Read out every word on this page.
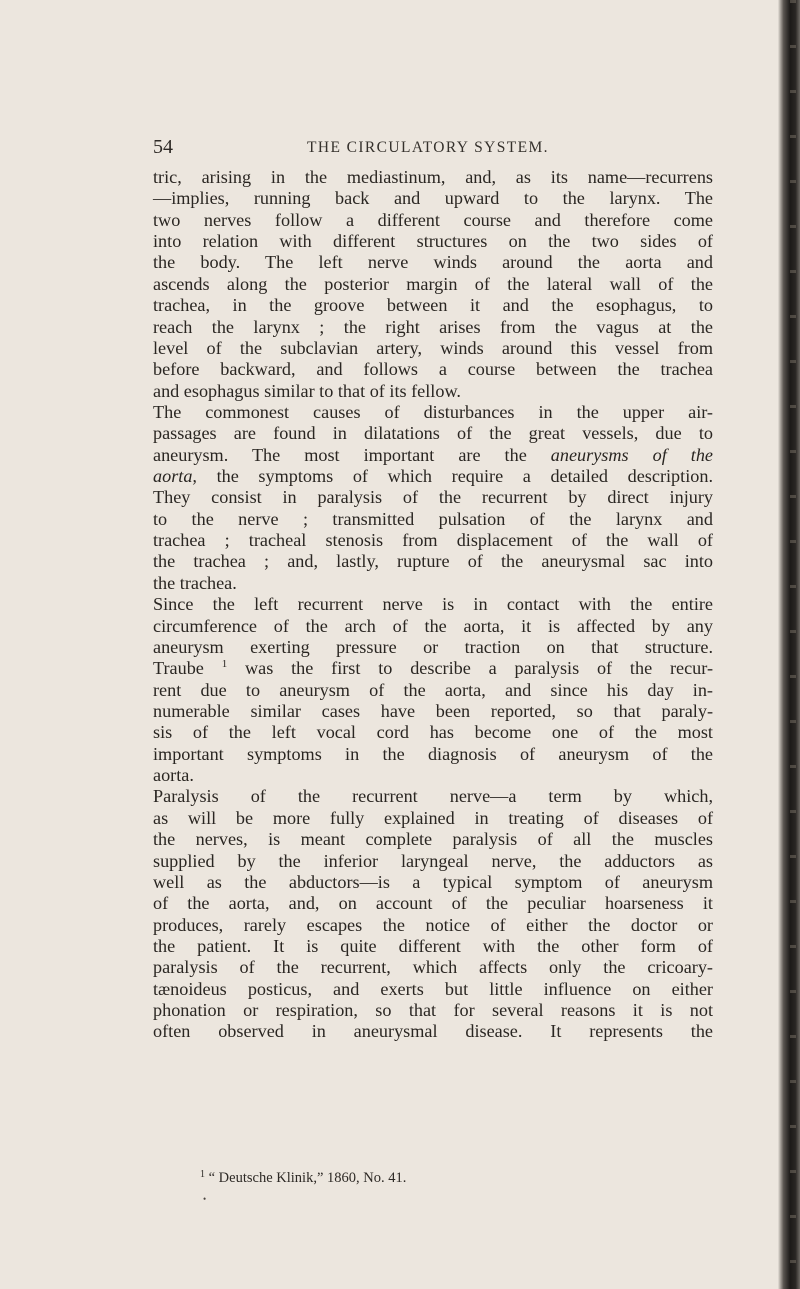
54	THE CIRCULATORY SYSTEM.
tric, arising in the mediastinum, and, as its name—recurrens
—implies, running back and upward to the larynx. The
two nerves follow a different course and therefore come
into relation with different structures on the two sides of
the body. The left nerve winds around the aorta and
ascends along the posterior margin of the lateral wall of the
trachea, in the groove between it and the esophagus, to
reach the larynx ; the right arises from the vagus at the
level of the subclavian artery, winds around this vessel from
before backward, and follows a course between the trachea
and esophagus similar to that of its fellow.
The commonest causes of disturbances in the upper air-
passages are found in dilatations of the great vessels, due to
aneurysm. The most important are the aneurysms of the
aorta, the symptoms of which require a detailed description.
They consist in paralysis of the recurrent by direct injury
to the nerve ; transmitted pulsation of the larynx and
trachea ; tracheal stenosis from displacement of the wall of
the trachea ; and, lastly, rupture of the aneurysmal sac into
the trachea.
Since the left recurrent nerve is in contact with the entire
circumference of the arch of the aorta, it is affected by any
aneurysm exerting pressure or traction on that structure.
Traube $^1$ was the first to describe a paralysis of the recur-
rent due to aneurysm of the aorta, and since his day in-
numerable similar cases have been reported, so that paraly-
sis of the left vocal cord has become one of the most
important symptoms in the diagnosis of aneurysm of the
aorta.
Paralysis of the recurrent nerve—a term by which,
as will be more fully explained in treating of diseases of
the nerves, is meant complete paralysis of all the muscles
supplied by the inferior laryngeal nerve, the adductors as
well as the abductors—is a typical symptom of aneurysm
of the aorta, and, on account of the peculiar hoarseness it
produces, rarely escapes the notice of either the doctor or
the patient. It is quite different with the other form of
paralysis of the recurrent, which affects only the cricoary-
tænoideus posticus, and exerts but little influence on either
phonation or respiration, so that for several reasons it is not
often observed in aneurysmal disease. It represents the
$^1$ “ Deutsche Klinik,” 1860, No. 41.
•
